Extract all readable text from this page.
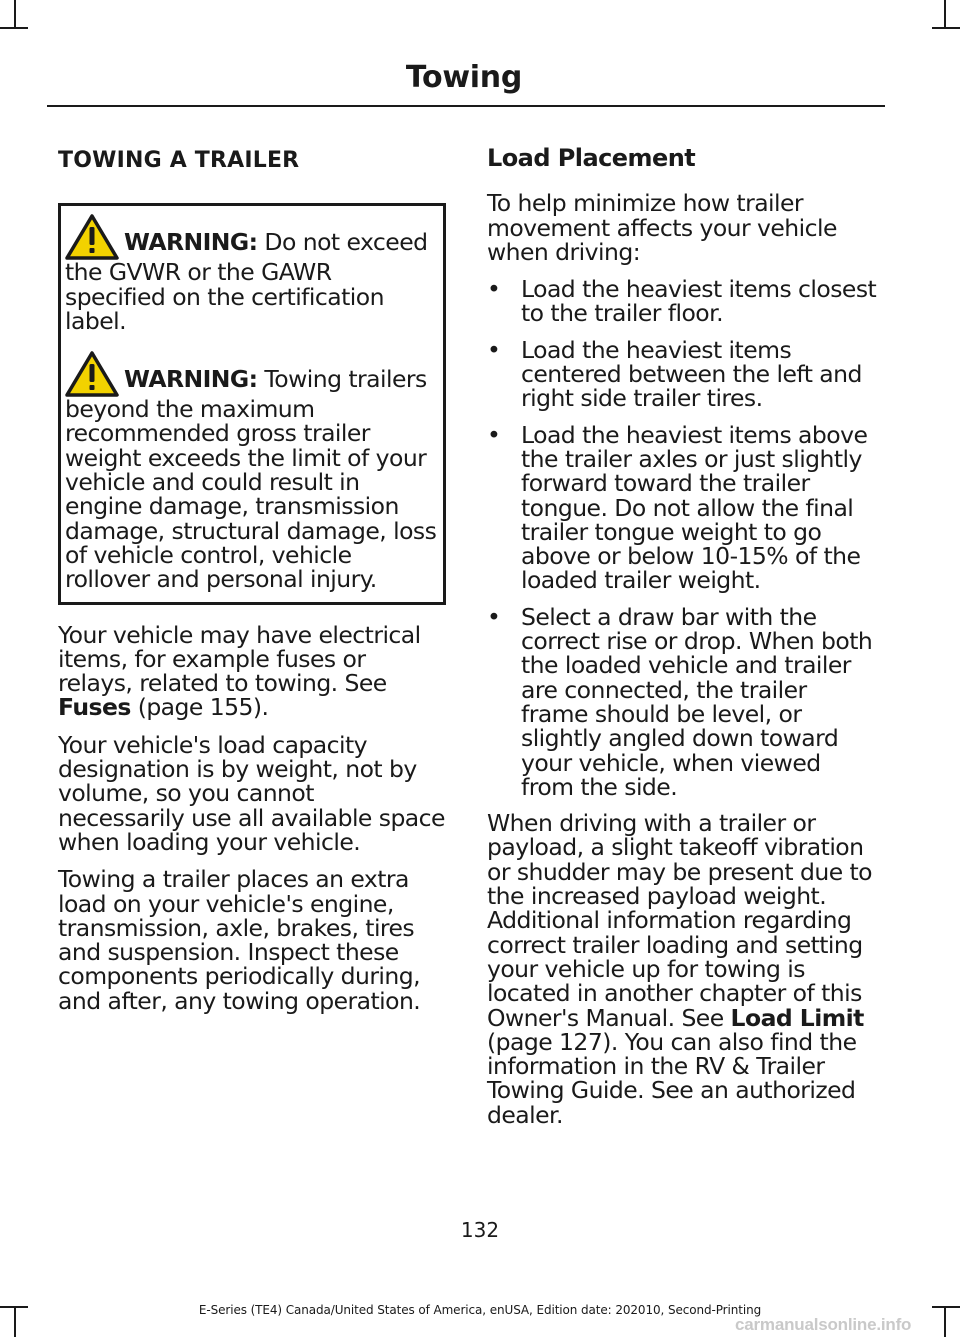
Towing
TOWING A TRAILER

WARNING: Do not exceed the GVWR or the GAWR specified on the certification label.

WARNING: Towing trailers beyond the maximum recommended gross trailer weight exceeds the limit of your vehicle and could result in engine damage, transmission damage, structural damage, loss of vehicle control, vehicle rollover and personal injury.

Your vehicle may have electrical items, for example fuses or relays, related to towing. See Fuses (page 155).

Your vehicle's load capacity designation is by weight, not by volume, so you cannot necessarily use all available space when loading your vehicle.

Towing a trailer places an extra load on your vehicle's engine, transmission, axle, brakes, tires and suspension. Inspect these components periodically during, and after, any towing operation.

Load Placement

To help minimize how trailer movement affects your vehicle when driving:

• Load the heaviest items closest to the trailer floor.
• Load the heaviest items centered between the left and right side trailer tires.
• Load the heaviest items above the trailer axles or just slightly forward toward the trailer tongue. Do not allow the final trailer tongue weight to go above or below 10-15% of the loaded trailer weight.
• Select a draw bar with the correct rise or drop. When both the loaded vehicle and trailer are connected, the trailer frame should be level, or slightly angled down toward your vehicle, when viewed from the side.

When driving with a trailer or payload, a slight takeoff vibration or shudder may be present due to the increased payload weight. Additional information regarding correct trailer loading and setting your vehicle up for towing is located in another chapter of this Owner's Manual. See Load Limit (page 127). You can also find the information in the RV & Trailer Towing Guide. See an authorized dealer.

132
E-Series (TE4) Canada/United States of America, enUSA, Edition date: 202010, Second-Printing
carmanualsonline.info
